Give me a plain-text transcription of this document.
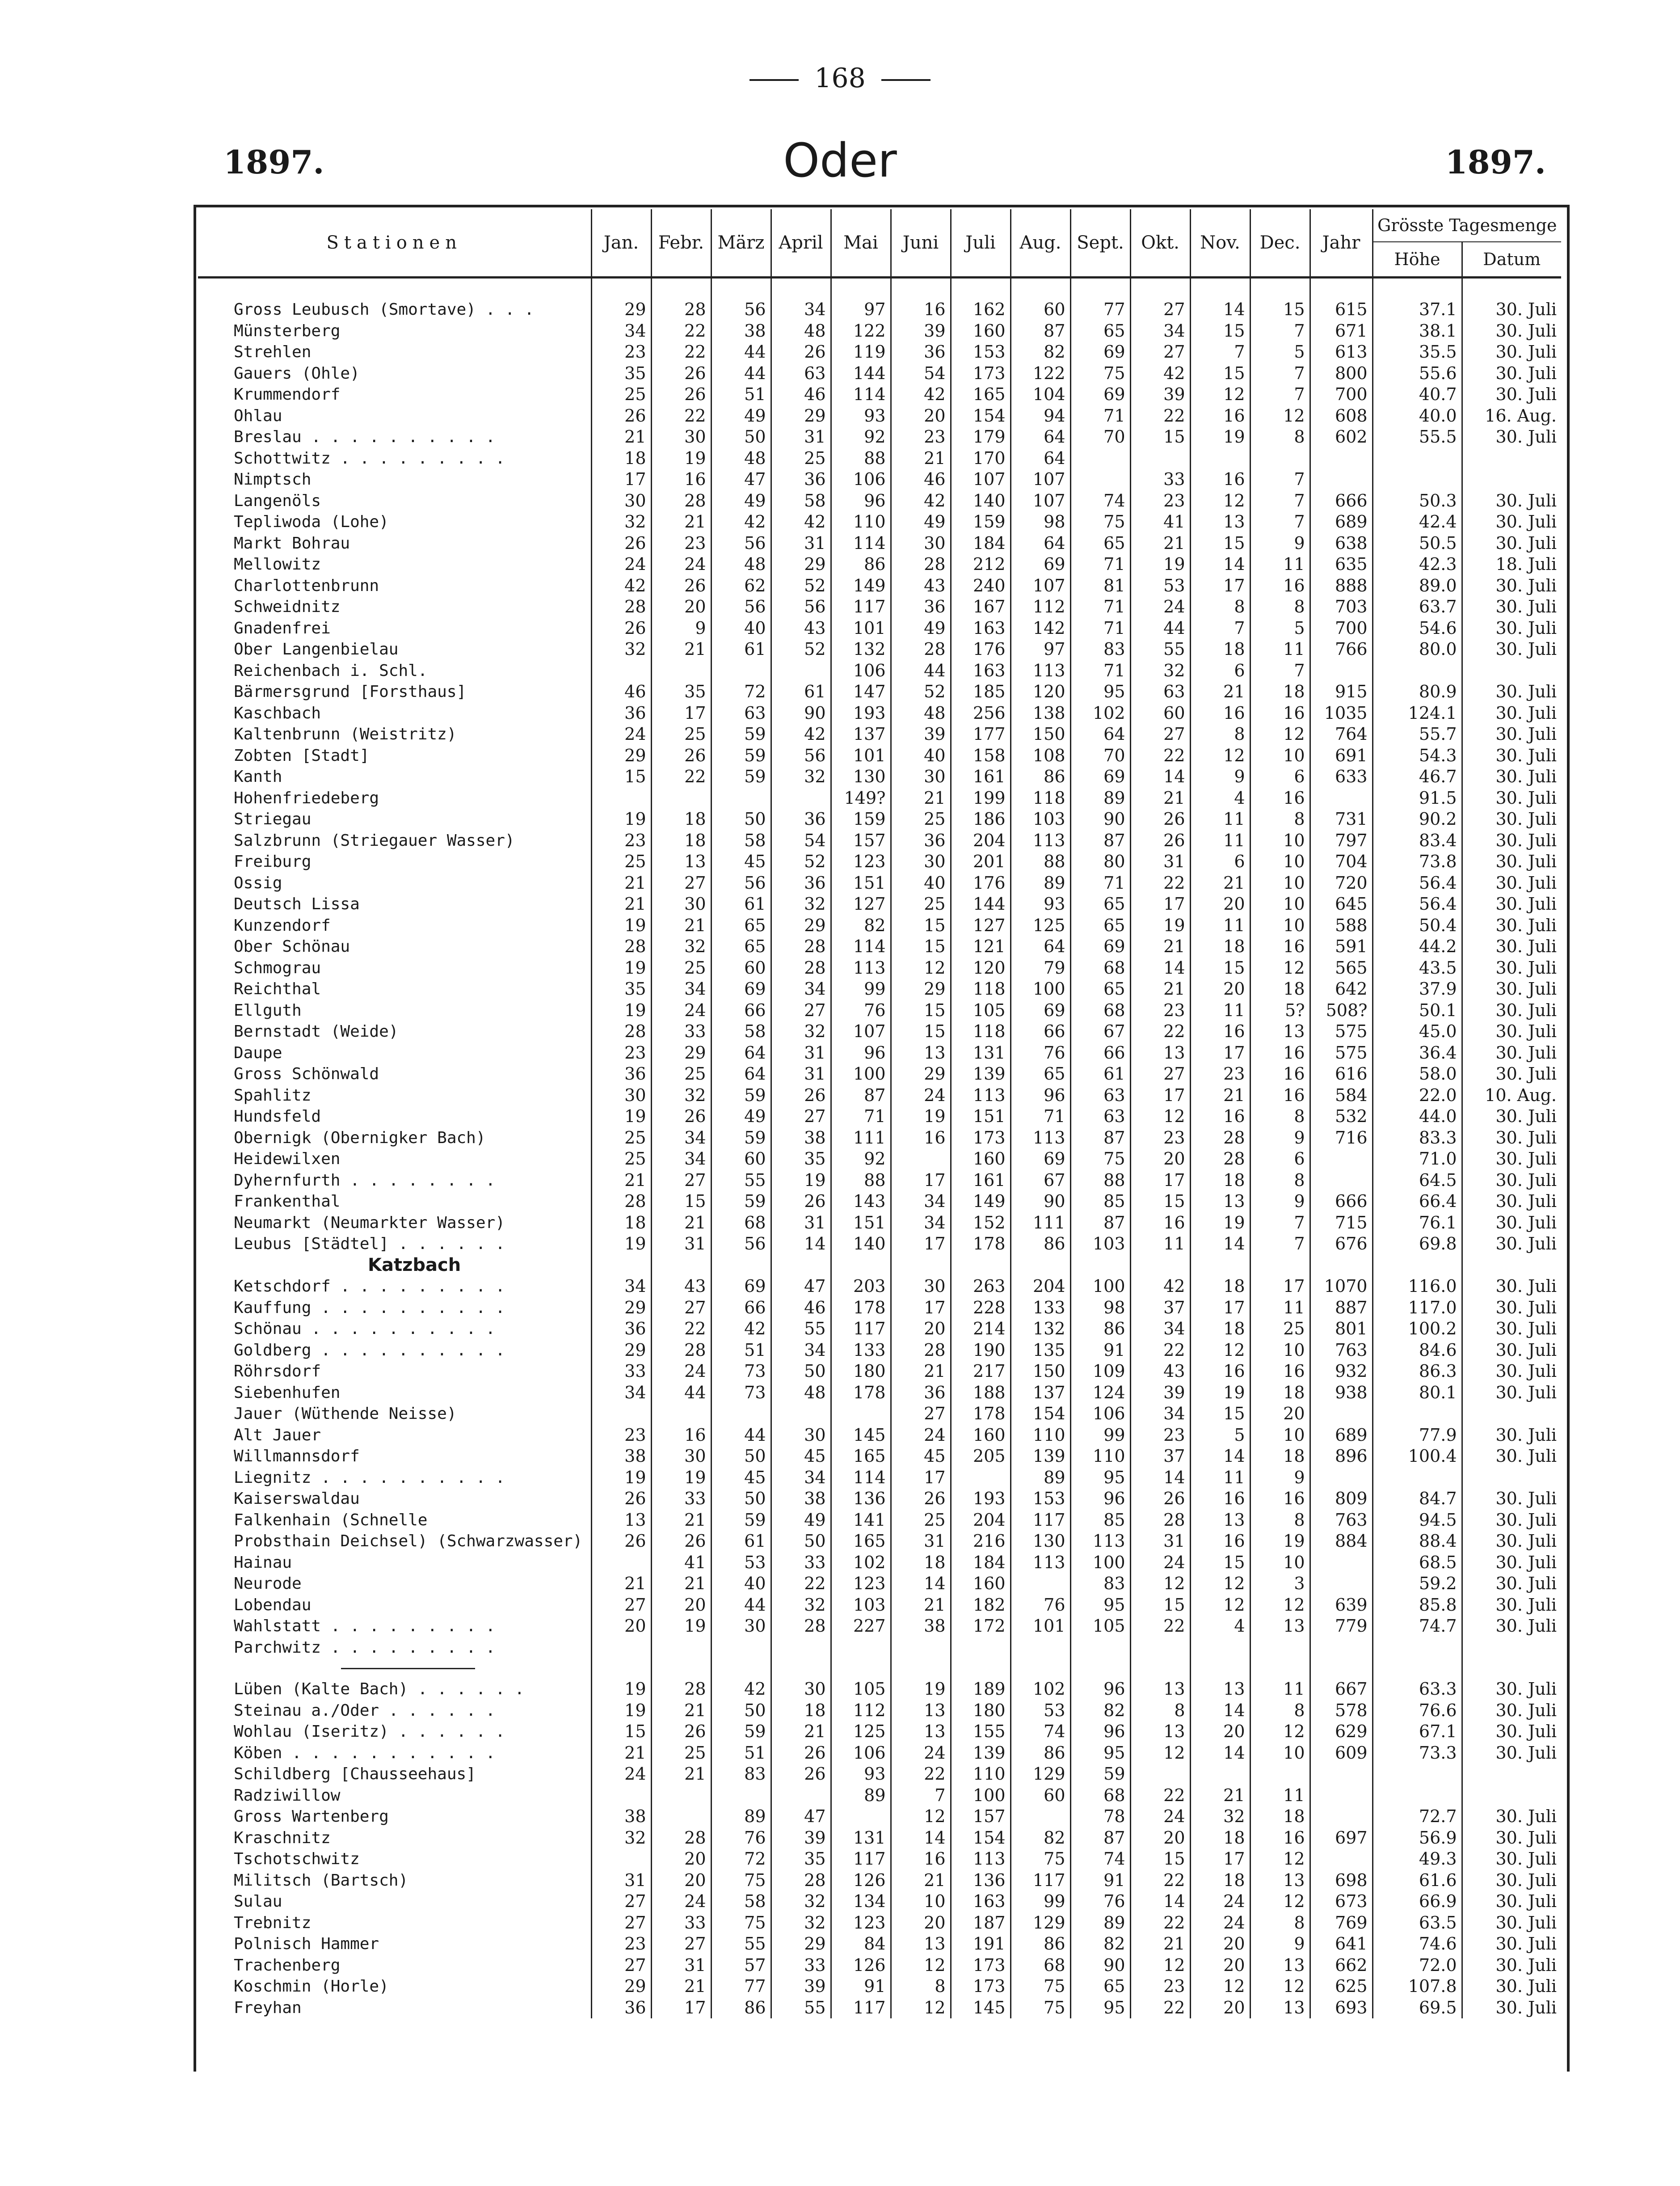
168
1897.	Oder	1897.
Stationen	Jan.	Febr.	März	April	Mai	Juni	Juli	Aug.	Sept.	Okt.	Nov.	Dec.	Jahr	Grösste Tagesmenge	
														Höhe	Datum

Gross Leubusch (Smortave) . . .	29	28	56	34	97	16	162	60	77	27	14	15	615	37.1	30. Juli
Münsterberg	34	22	38	48	122	39	160	87	65	34	15	7	671	38.1	30. Juli
Strehlen	23	22	44	26	119	36	153	82	69	27	7	5	613	35.5	30. Juli
Gauers (Ohle)	35	26	44	63	144	54	173	122	75	42	15	7	800	55.6	30. Juli
Krummendorf	25	26	51	46	114	42	165	104	69	39	12	7	700	40.7	30. Juli
Ohlau	26	22	49	29	93	20	154	94	71	22	16	12	608	40.0	16. Aug.
Breslau . . . . . . . . . .	21	30	50	31	92	23	179	64	70	15	19	8	602	55.5	30. Juli
Schottwitz . . . . . . . . .	18	19	48	25	88	21	170	64							
Nimptsch	17	16	47	36	106	46	107	107		33	16	7			
Langenöls	30	28	49	58	96	42	140	107	74	23	12	7	666	50.3	30. Juli
Tepliwoda (Lohe)	32	21	42	42	110	49	159	98	75	41	13	7	689	42.4	30. Juli
Markt Bohrau	26	23	56	31	114	30	184	64	65	21	15	9	638	50.5	30. Juli
Mellowitz	24	24	48	29	86	28	212	69	71	19	14	11	635	42.3	18. Juli
Charlottenbrunn	42	26	62	52	149	43	240	107	81	53	17	16	888	89.0	30. Juli
Schweidnitz	28	20	56	56	117	36	167	112	71	24	8	8	703	63.7	30. Juli
Gnadenfrei	26	9	40	43	101	49	163	142	71	44	7	5	700	54.6	30. Juli
Ober Langenbielau	32	21	61	52	132	28	176	97	83	55	18	11	766	80.0	30. Juli
Reichenbach i. Schl.					106	44	163	113	71	32	6	7			
Bärmersgrund [Forsthaus]	46	35	72	61	147	52	185	120	95	63	21	18	915	80.9	30. Juli
Kaschbach	36	17	63	90	193	48	256	138	102	60	16	16	1035	124.1	30. Juli
Kaltenbrunn (Weistritz)	24	25	59	42	137	39	177	150	64	27	8	12	764	55.7	30. Juli
Zobten [Stadt]	29	26	59	56	101	40	158	108	70	22	12	10	691	54.3	30. Juli
Kanth	15	22	59	32	130	30	161	86	69	14	9	6	633	46.7	30. Juli
Hohenfriedeberg					149?	21	199	118	89	21	4	16		91.5	30. Juli
Striegau	19	18	50	36	159	25	186	103	90	26	11	8	731	90.2	30. Juli
Salzbrunn (Striegauer Wasser)	23	18	58	54	157	36	204	113	87	26	11	10	797	83.4	30. Juli
Freiburg	25	13	45	52	123	30	201	88	80	31	6	10	704	73.8	30. Juli
Ossig	21	27	56	36	151	40	176	89	71	22	21	10	720	56.4	30. Juli
Deutsch Lissa	21	30	61	32	127	25	144	93	65	17	20	10	645	56.4	30. Juli
Kunzendorf	19	21	65	29	82	15	127	125	65	19	11	10	588	50.4	30. Juli
Ober Schönau	28	32	65	28	114	15	121	64	69	21	18	16	591	44.2	30. Juli
Schmograu	19	25	60	28	113	12	120	79	68	14	15	12	565	43.5	30. Juli
Reichthal	35	34	69	34	99	29	118	100	65	21	20	18	642	37.9	30. Juli
Ellguth	19	24	66	27	76	15	105	69	68	23	11	5?	508?	50.1	30. Juli
Bernstadt (Weide)	28	33	58	32	107	15	118	66	67	22	16	13	575	45.0	30. Juli
Daupe	23	29	64	31	96	13	131	76	66	13	17	16	575	36.4	30. Juli
Gross Schönwald	36	25	64	31	100	29	139	65	61	27	23	16	616	58.0	30. Juli
Spahlitz	30	32	59	26	87	24	113	96	63	17	21	16	584	22.0	10. Aug.
Hundsfeld	19	26	49	27	71	19	151	71	63	12	16	8	532	44.0	30. Juli
Obernigk (Obernigker Bach)	25	34	59	38	111	16	173	113	87	23	28	9	716	83.3	30. Juli
Heidewilxen	25	34	60	35	92		160	69	75	20	28	6		71.0	30. Juli
Dyhernfurth . . . . . . . .	21	27	55	19	88	17	161	67	88	17	18	8		64.5	30. Juli
Frankenthal	28	15	59	26	143	34	149	90	85	15	13	9	666	66.4	30. Juli
Neumarkt (Neumarkter Wasser)	18	21	68	31	151	34	152	111	87	16	19	7	715	76.1	30. Juli
Leubus [Städtel] . . . . . .	19	31	56	14	140	17	178	86	103	11	14	7	676	69.8	30. Juli
Katzbach															
Ketschdorf . . . . . . . . .	34	43	69	47	203	30	263	204	100	42	18	17	1070	116.0	30. Juli
Kauffung . . . . . . . . . .	29	27	66	46	178	17	228	133	98	37	17	11	887	117.0	30. Juli
Schönau . . . . . . . . . .	36	22	42	55	117	20	214	132	86	34	18	25	801	100.2	30. Juli
Goldberg . . . . . . . . . .	29	28	51	34	133	28	190	135	91	22	12	10	763	84.6	30. Juli
Röhrsdorf	33	24	73	50	180	21	217	150	109	43	16	16	932	86.3	30. Juli
Siebenhufen	34	44	73	48	178	36	188	137	124	39	19	18	938	80.1	30. Juli
Jauer (Wüthende Neisse)						27	178	154	106	34	15	20			
Alt Jauer	23	16	44	30	145	24	160	110	99	23	5	10	689	77.9	30. Juli
Willmannsdorf	38	30	50	45	165	45	205	139	110	37	14	18	896	100.4	30. Juli
Liegnitz . . . . . . . . . .	19	19	45	34	114	17		89	95	14	11	9			
Kaiserswaldau	26	33	50	38	136	26	193	153	96	26	16	16	809	84.7	30. Juli
Falkenhain (Schnelle	13	21	59	49	141	25	204	117	85	28	13	8	763	94.5	30. Juli
Probsthain Deichsel) (Schwarzwasser)	26	26	61	50	165	31	216	130	113	31	16	19	884	88.4	30. Juli
Hainau		41	53	33	102	18	184	113	100	24	15	10		68.5	30. Juli
Neurode	21	21	40	22	123	14	160		83	12	12	3		59.2	30. Juli
Lobendau	27	20	44	32	103	21	182	76	95	15	12	12	639	85.8	30. Juli
Wahlstatt . . . . . . . . .	20	19	30	28	227	38	172	101	105	22	4	13	779	74.7	30. Juli
Parchwitz . . . . . . . . .															

Lüben (Kalte Bach) . . . . . .	19	28	42	30	105	19	189	102	96	13	13	11	667	63.3	30. Juli
Steinau a./Oder . . . . . .	19	21	50	18	112	13	180	53	82	8	14	8	578	76.6	30. Juli
Wohlau (Iseritz) . . . . . .	15	26	59	21	125	13	155	74	96	13	20	12	629	67.1	30. Juli
Köben . . . . . . . . . . .	21	25	51	26	106	24	139	86	95	12	14	10	609	73.3	30. Juli
Schildberg [Chausseehaus]	24	21	83	26	93	22	110	129	59						
Radziwillow					89	7	100	60	68	22	21	11			
Gross Wartenberg	38		89	47		12	157		78	24	32	18		72.7	30. Juli
Kraschnitz	32	28	76	39	131	14	154	82	87	20	18	16	697	56.9	30. Juli
Tschotschwitz		20	72	35	117	16	113	75	74	15	17	12		49.3	30. Juli
Militsch (Bartsch)	31	20	75	28	126	21	136	117	91	22	18	13	698	61.6	30. Juli
Sulau	27	24	58	32	134	10	163	99	76	14	24	12	673	66.9	30. Juli
Trebnitz	27	33	75	32	123	20	187	129	89	22	24	8	769	63.5	30. Juli
Polnisch Hammer	23	27	55	29	84	13	191	86	82	21	20	9	641	74.6	30. Juli
Trachenberg	27	31	57	33	126	12	173	68	90	12	20	13	662	72.0	30. Juli
Koschmin (Horle)	29	21	77	39	91	8	173	75	65	23	12	12	625	107.8	30. Juli
Freyhan	36	17	86	55	117	12	145	75	95	22	20	13	693	69.5	30. Juli
